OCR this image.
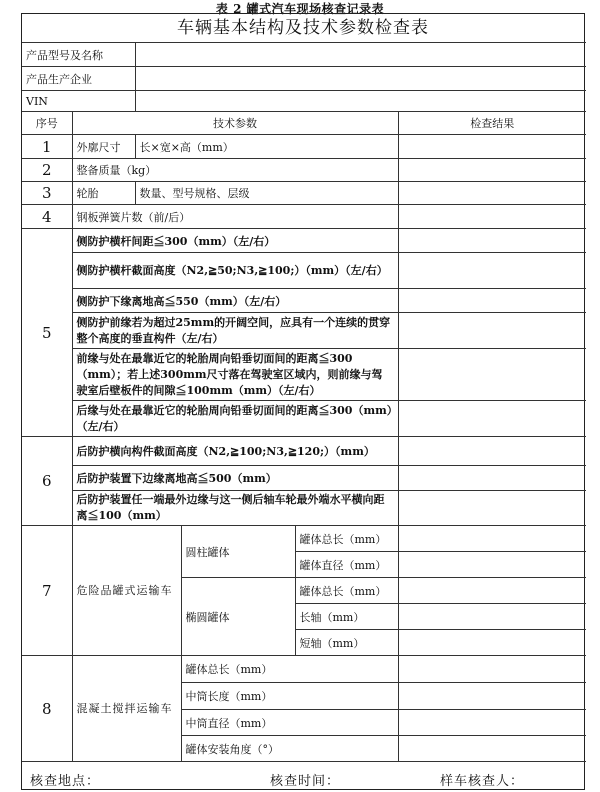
表 2 罐式汽车现场核查记录表
车辆基本结构及技术参数检查表
产品型号及名称					
产品生产企业					
VIN					
序号	技术参数				检查结果
1	外廓尺寸	长×宽×高（mm）			
2	整备质量（kg）				
3	轮胎	数量、型号规格、层级			
4	钢板弹簧片数（前/后）				
5	侧防护横杆间距≦300（mm）（左/右）				
	侧防护横杆截面高度（N2,≧50;N3,≧100;）（mm）（左/右）				
	侧防护下缘离地高≦550（mm）（左/右）				
	侧防护前缘若为超过25mm的开阔空间，应具有一个连续的贯穿整个高度的垂直构件（左/右）				
	前缘与处在最靠近它的轮胎周向铅垂切面间的距离≦300（mm）；若上述300mm尺寸落在驾驶室区域内，则前缘与驾驶室后壁板件的间隙≦100mm（mm）（左/右）				
	后缘与处在最靠近它的轮胎周向铅垂切面间的距离≦300（mm）（左/右）				
6	后防护横向构件截面高度（N2,≧100;N3,≧120;）（mm）				
	后防护装置下边缘离地高≦500（mm）				
	后防护装置任一端最外边缘与这一侧后轴车轮最外端水平横向距离≦100（mm）				
7	危险品罐式运输车		圆柱罐体	罐体总长（mm）	
				罐体直径（mm）	
			椭圆罐体	罐体总长（mm）	
				长轴（mm）	
				短轴（mm）	
8	混凝土搅拌运输车		罐体总长（mm）		
			中筒长度（mm）		
			中筒直径（mm）		
			罐体安装角度（°）		
核查地点：	核查时间：	样车核查人：
